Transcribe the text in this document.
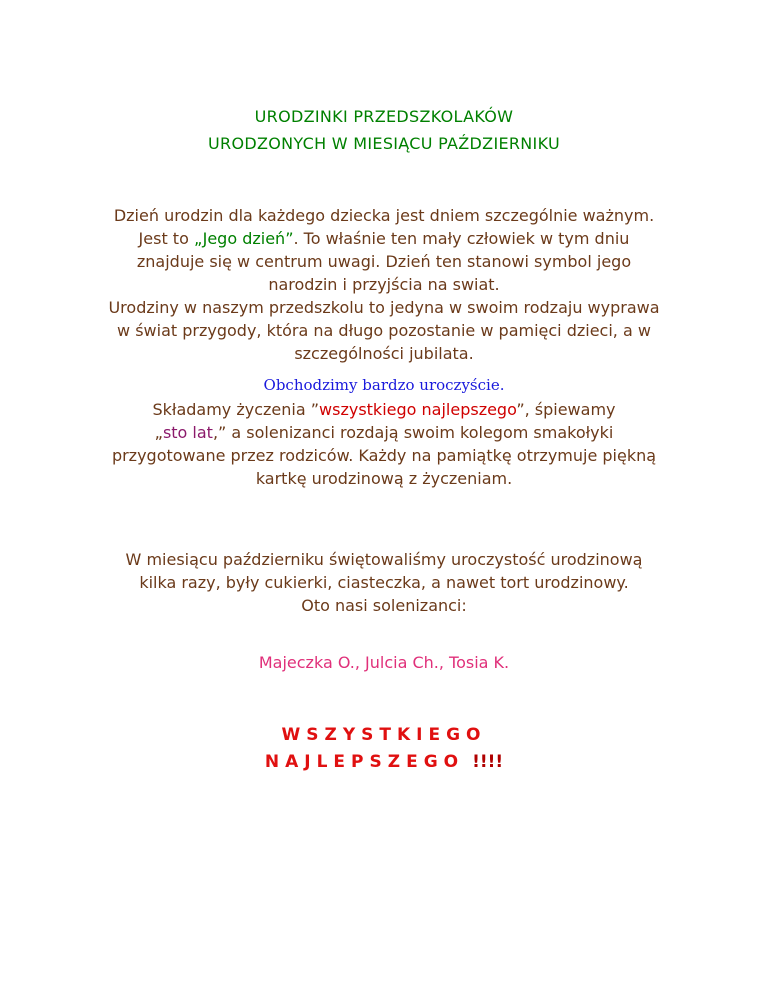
URODZINKI PRZEDSZKOLAKÓW
URODZONYCH W MIESIĄCU PAŹDZIERNIKU
Dzień urodzin dla każdego dziecka jest dniem szczególnie ważnym.
Jest to „Jego dzień”. To właśnie ten mały człowiek w tym dniu
znajduje się w centrum uwagi. Dzień ten stanowi symbol jego
narodzin i przyjścia na swiat.
Urodziny w naszym przedszkolu to jedyna w swoim rodzaju wyprawa
w świat przygody, która na długo pozostanie w pamięci dzieci, a w
szczególności jubilata.
Obchodzimy bardzo uroczyście.
Składamy życzenia ”wszystkiego najlepszego”, śpiewamy
„sto lat,” a solenizanci rozdają swoim kolegom smakołyki
przygotowane przez rodziców. Każdy na pamiątkę otrzymuje piękną
kartkę urodzinową z życzeniam.
W miesiącu październiku świętowaliśmy uroczystość urodzinową
kilka razy, były cukierki, ciasteczka, a nawet tort urodzinowy.
Oto nasi solenizanci:
Majeczka O., Julcia Ch., Tosia K.
WSZYSTKIEGO
NAJLEPSZEGO !!!!
